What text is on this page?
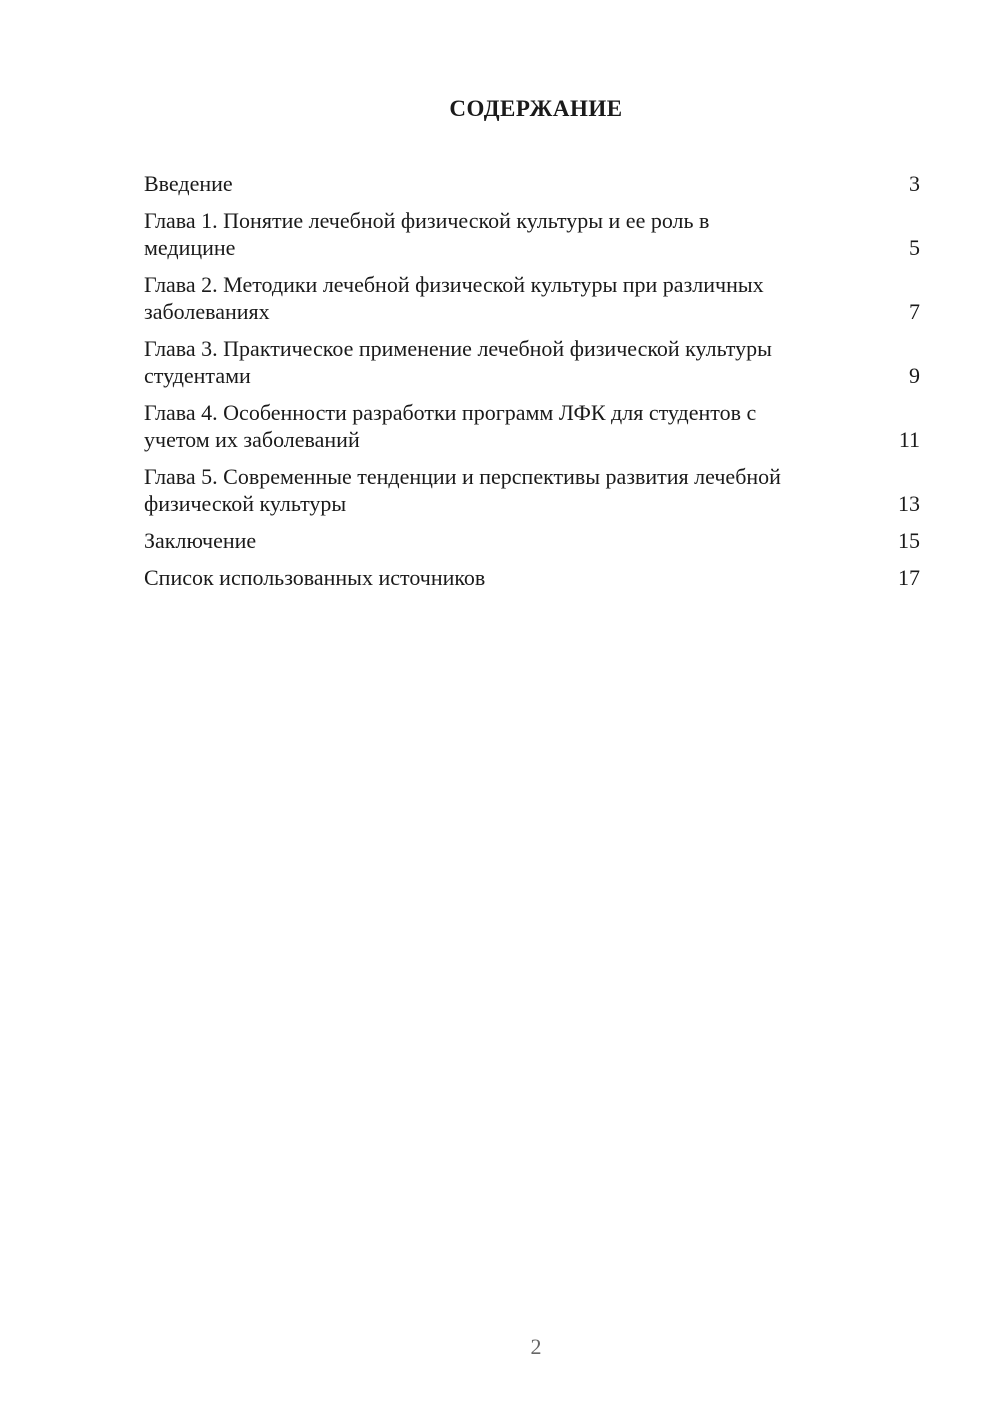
СОДЕРЖАНИЕ
Введение	3
Глава 1. Понятие лечебной физической культуры и ее роль в медицине	5
Глава 2. Методики лечебной физической культуры при различных заболеваниях	7
Глава 3. Практическое применение лечебной физической культуры студентами	9
Глава 4. Особенности разработки программ ЛФК для студентов с учетом их заболеваний	11
Глава 5. Современные тенденции и перспективы развития лечебной физической культуры	13
Заключение	15
Список использованных источников	17
2
